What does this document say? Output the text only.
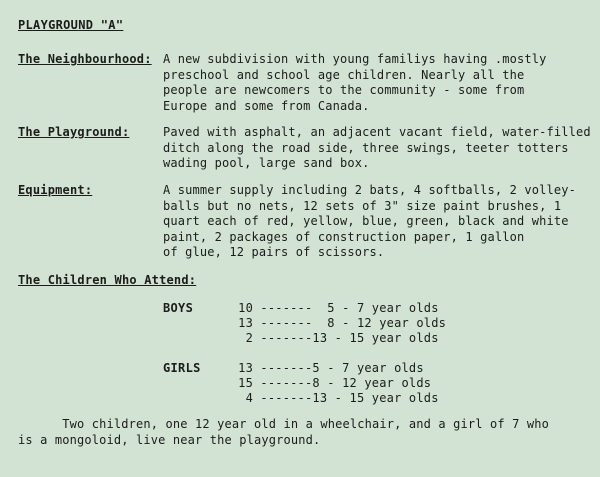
PLAYGROUND "A"
The Neighbourhood: A new subdivision with young familiys having .mostly
preschool and school age children. Nearly all the
people are newcomers to the community - some from
Europe and some from Canada.
The Playground:	Paved with asphalt, an adjacent vacant field, water-filled
ditch along the road side, three swings, teeter totters
wading pool, large sand box.
Equipment:	A summer supply including 2 bats, 4 softballs, 2 volley-
balls but no nets, 12 sets of 3" size paint brushes, 1
quart each of red, yellow, blue, green, black and white
paint, 2 packages of construction paper, 1 gallon
of glue, 12 pairs of scissors.
The Children Who Attend:
BOYS	10 -------  5 - 7 year olds
13 -------  8 - 12 year olds
2 -------13 - 15 year olds
GIRLS	13 -------5 - 7 year olds
15 -------8 - 12 year olds
4 -------13 - 15 year olds
Two children, one 12 year old in a wheelchair, and a girl of 7 who
is a mongoloid, live near the playground.
